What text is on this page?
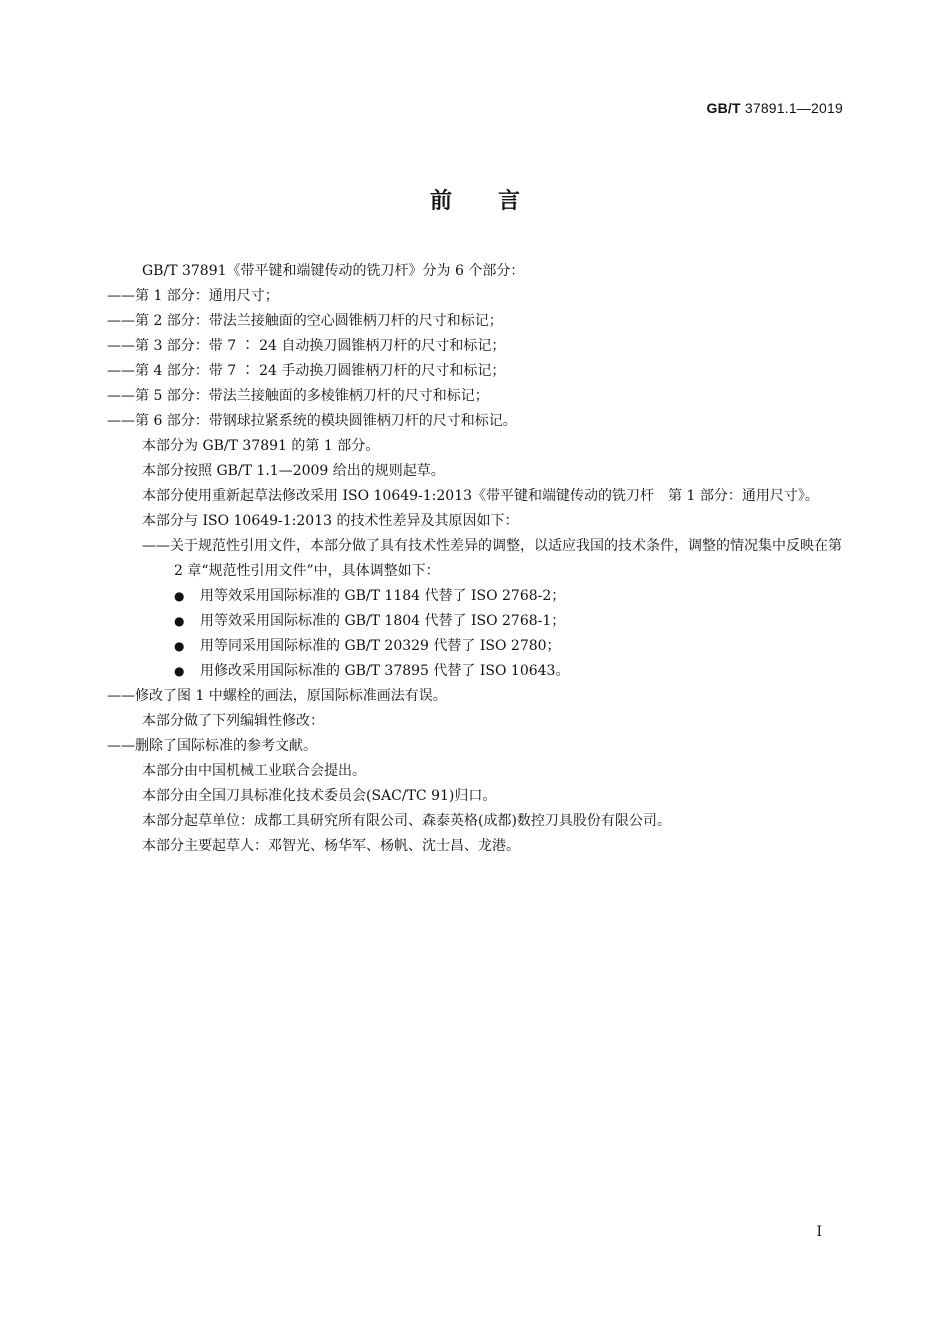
GB/T 37891.1—2019
前言
GB/T 37891《带平键和端键传动的铣刀杆》分为 6 个部分：
——第 1 部分：通用尺寸；
——第 2 部分：带法兰接触面的空心圆锥柄刀杆的尺寸和标记；
——第 3 部分：带 7 ∶ 24 自动换刀圆锥柄刀杆的尺寸和标记；
——第 4 部分：带 7 ∶ 24 手动换刀圆锥柄刀杆的尺寸和标记；
——第 5 部分：带法兰接触面的多棱锥柄刀杆的尺寸和标记；
——第 6 部分：带钢球拉紧系统的模块圆锥柄刀杆的尺寸和标记。
本部分为 GB/T 37891 的第 1 部分。
本部分按照 GB/T 1.1—2009 给出的规则起草。
本部分使用重新起草法修改采用 ISO 10649-1:2013《带平键和端键传动的铣刀杆　第 1 部分：通用尺寸》。
本部分与 ISO 10649-1:2013 的技术性差异及其原因如下：
——关于规范性引用文件，本部分做了具有技术性差异的调整，以适应我国的技术条件，调整的情况集中反映在第 2 章“规范性引用文件”中，具体调整如下：
● 用等效采用国际标准的 GB/T 1184 代替了 ISO 2768-2；
● 用等效采用国际标准的 GB/T 1804 代替了 ISO 2768-1；
● 用等同采用国际标准的 GB/T 20329 代替了 ISO 2780；
● 用修改采用国际标准的 GB/T 37895 代替了 ISO 10643。
——修改了图 1 中螺栓的画法，原国际标准画法有误。
本部分做了下列编辑性修改：
——删除了国际标准的参考文献。
本部分由中国机械工业联合会提出。
本部分由全国刀具标准化技术委员会(SAC/TC 91)归口。
本部分起草单位：成都工具研究所有限公司、森泰英格(成都)数控刀具股份有限公司。
本部分主要起草人：邓智光、杨华军、杨帆、沈士昌、龙港。
I
